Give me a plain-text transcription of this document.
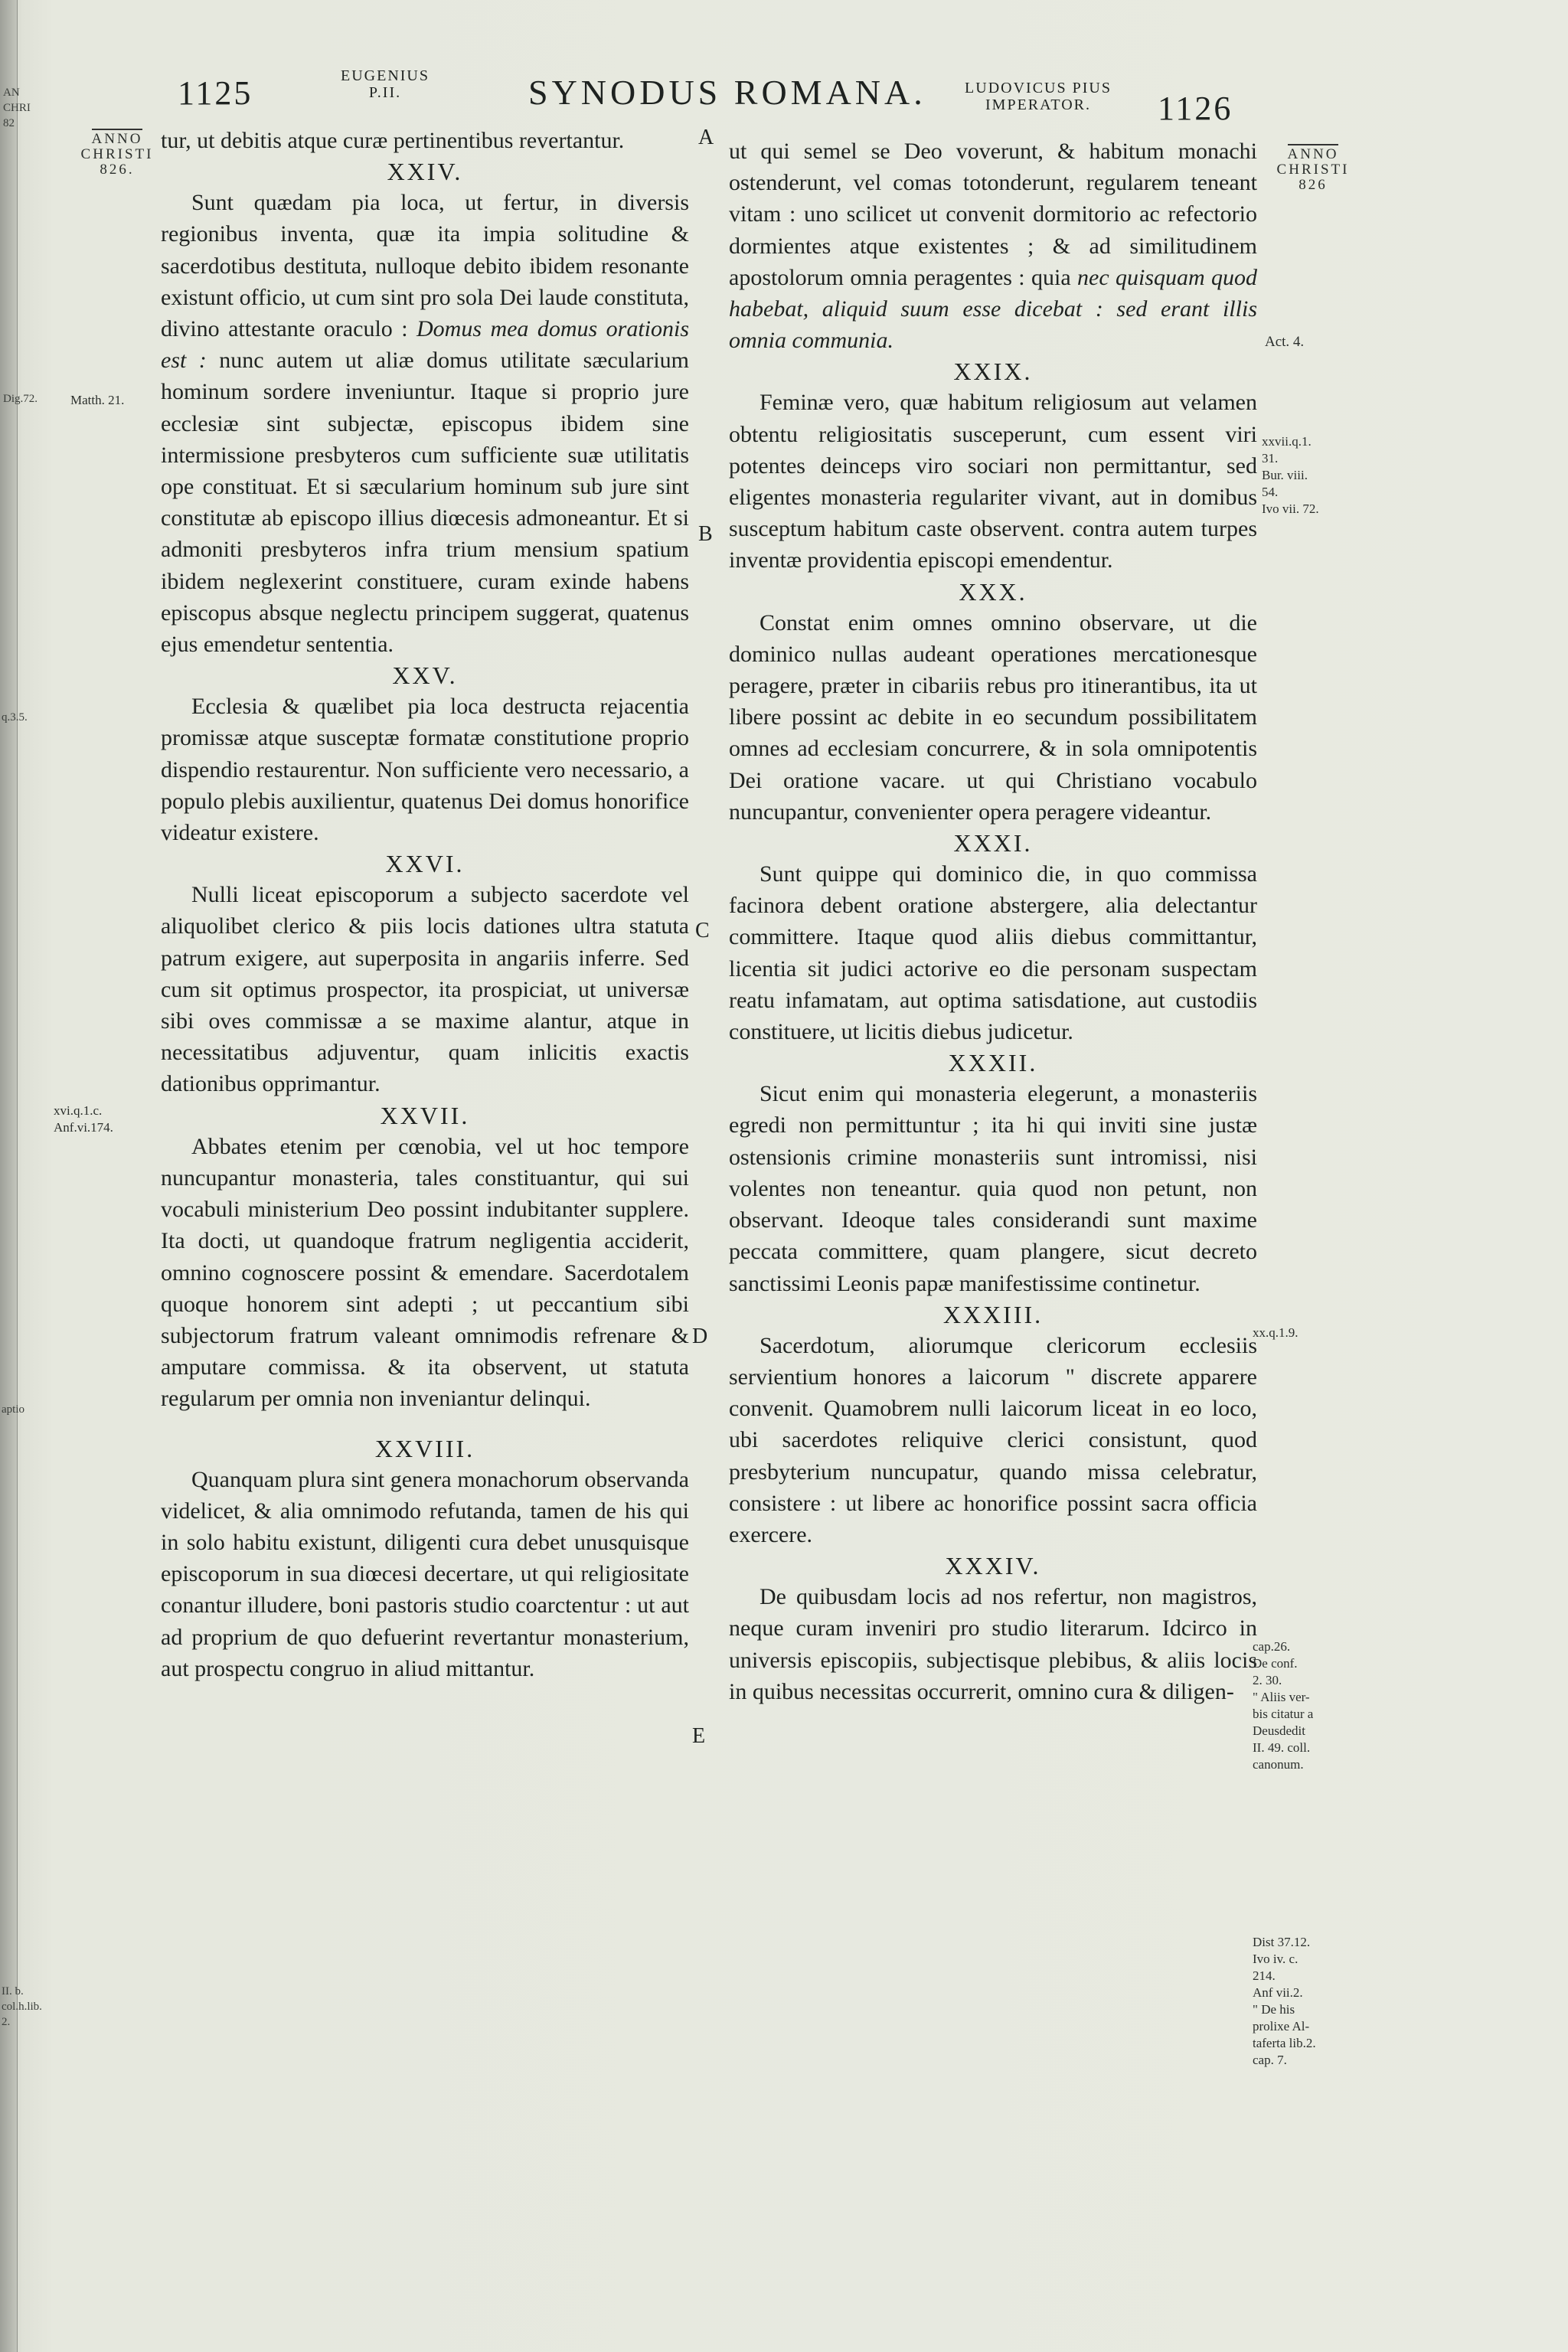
AN
CHRI
82
Dig.72.
q.3.5.
aptio
II. b.
col.h.lib.
2.
1125	EUGENIUS
P.II.	SYNODUS ROMANA.	LUDOVICUS PIUS
IMPERATOR.	1126
ANNO
CHRISTI
826.
ANNO
CHRISTI
826
Matth. 21.
xvi.q.1.c.
Anf.vi.174.
A
B
C
D
E

tur, ut debitis atque curæ pertinentibus revertantur.

XXIV.

Sunt quædam pia loca, ut fertur, in diversis regionibus inventa, quæ ita impia solitudine & sacerdotibus destituta, nulloque debito ibidem resonante existunt officio, ut cum sint pro sola Dei laude constituta, divino attestante oraculo : Domus mea domus orationis est : nunc autem ut aliæ domus utilitate sæcularium hominum sordere inveniuntur. Itaque si proprio jure ecclesiæ sint subjectæ, episcopus ibidem sine intermissione presbyteros cum sufficiente suæ utilitatis ope constituat. Et si sæcularium hominum sub jure sint constitutæ ab episcopo illius diœcesis admoneantur. Et si admoniti presbyteros infra trium mensium spatium ibidem neglexerint constituere, curam exinde habens episcopus absque neglectu principem suggerat, quatenus ejus emendetur sententia.

XXV.

Ecclesia & quælibet pia loca destructa rejacentia promissæ atque susceptæ formatæ constitutione proprio dispendio restaurentur. Non sufficiente vero necessario, a populo plebis auxilientur, quatenus Dei domus honorifice videatur existere.

XXVI.

Nulli liceat episcoporum a subjecto sacerdote vel aliquolibet clerico & piis locis dationes ultra statuta patrum exigere, aut superposita in angariis inferre. Sed cum sit optimus prospector, ita prospiciat, ut universæ sibi oves commissæ a se maxime alantur, atque in necessitatibus adjuventur, quam inlicitis exactis dationibus opprimantur.

XXVII.

Abbates etenim per cœnobia, vel ut hoc tempore nuncupantur monasteria, tales constituantur, qui sui vocabuli ministerium Deo possint indubitanter supplere. Ita docti, ut quandoque fratrum negligentia acciderit, omnino cognoscere possint & emendare. Sacerdotalem quoque honorem sint adepti ; ut peccantium sibi subjectorum fratrum valeant omnimodis refrenare & amputare commissa. & ita observent, ut statuta regularum per omnia non inveniantur delinqui.

XXVIII.

Quanquam plura sint genera monachorum observanda videlicet, & alia omnimodo refutanda, tamen de his qui in solo habitu existunt, diligenti cura debet unusquisque episcoporum in sua diœcesi decertare, ut qui religiositate conantur illudere, boni pastoris studio coarctentur : ut aut ad proprium de quo defuerint revertantur monasterium, aut prospectu congruo in aliud mittantur.

ut qui semel se Deo voverunt, & habitum monachi ostenderunt, vel comas totonderunt, regularem teneant vitam : uno scilicet ut convenit dormitorio ac refectorio dormientes atque existentes ; & ad similitudinem apostolorum omnia peragentes : quia nec quisquam quod habebat, aliquid suum esse dicebat : sed erant illis omnia communia.

XXIX.

Feminæ vero, quæ habitum religiosum aut velamen obtentu religiositatis susceperunt, cum essent viri potentes deinceps viro sociari non permittantur, sed eligentes monasteria regulariter vivant, aut in domibus susceptum habitum caste observent. contra autem turpes inventæ providentia episcopi emendentur.

XXX.

Constat enim omnes omnino observare, ut die dominico nullas audeant operationes mercationesque peragere, præter in cibariis rebus pro itinerantibus, ita ut libere possint ac debite in eo secundum possibilitatem omnes ad ecclesiam concurrere, & in sola omnipotentis Dei oratione vacare. ut qui Christiano vocabulo nuncupantur, convenienter opera peragere videantur.

XXXI.

Sunt quippe qui dominico die, in quo commissa facinora debent oratione abstergere, alia delectantur committere. Itaque quod aliis diebus committantur, licentia sit judici actorive eo die personam suspectam reatu infamatam, aut optima satisdatione, aut custodiis constituere, ut licitis diebus judicetur.

XXXII.

Sicut enim qui monasteria elegerunt, a monasteriis egredi non permittuntur ; ita hi qui inviti sine justæ ostensionis crimine monasteriis sunt intromissi, nisi volentes non teneantur. quia quod non petunt, non observant. Ideoque tales considerandi sunt maxime peccata committere, quam plangere, sicut decreto sanctissimi Leonis papæ manifestissime continetur.

XXXIII.

Sacerdotum, aliorumque clericorum ecclesiis servientium honores a laicorum " discrete apparere convenit. Quamobrem nulli laicorum liceat in eo loco, ubi sacerdotes reliquive clerici consistunt, quod presbyterium nuncupatur, quando missa celebratur, consistere : ut libere ac honorifice possint sacra officia exercere.

XXXIV.

De quibusdam locis ad nos refertur, non magistros, neque curam inveniri pro studio literarum. Idcirco in universis episcopiis, subjectisque plebibus, & aliis locis in quibus necessitas occurrerit, omnino cura & diligen-

Act. 4.
xxvii.q.1.
31.
Bur. viii.
54.
Ivo vii. 72.
xx.q.1.9.
cap.26.
De conf.
2. 30.
" Aliis ver-
bis citatur a
Deusdedit
II. 49. coll.
canonum.
Dist 37.12.
Ivo iv. c.
214.
Anf vii.2.
" De his
prolixe Al-
taferta lib.2.
cap. 7.
